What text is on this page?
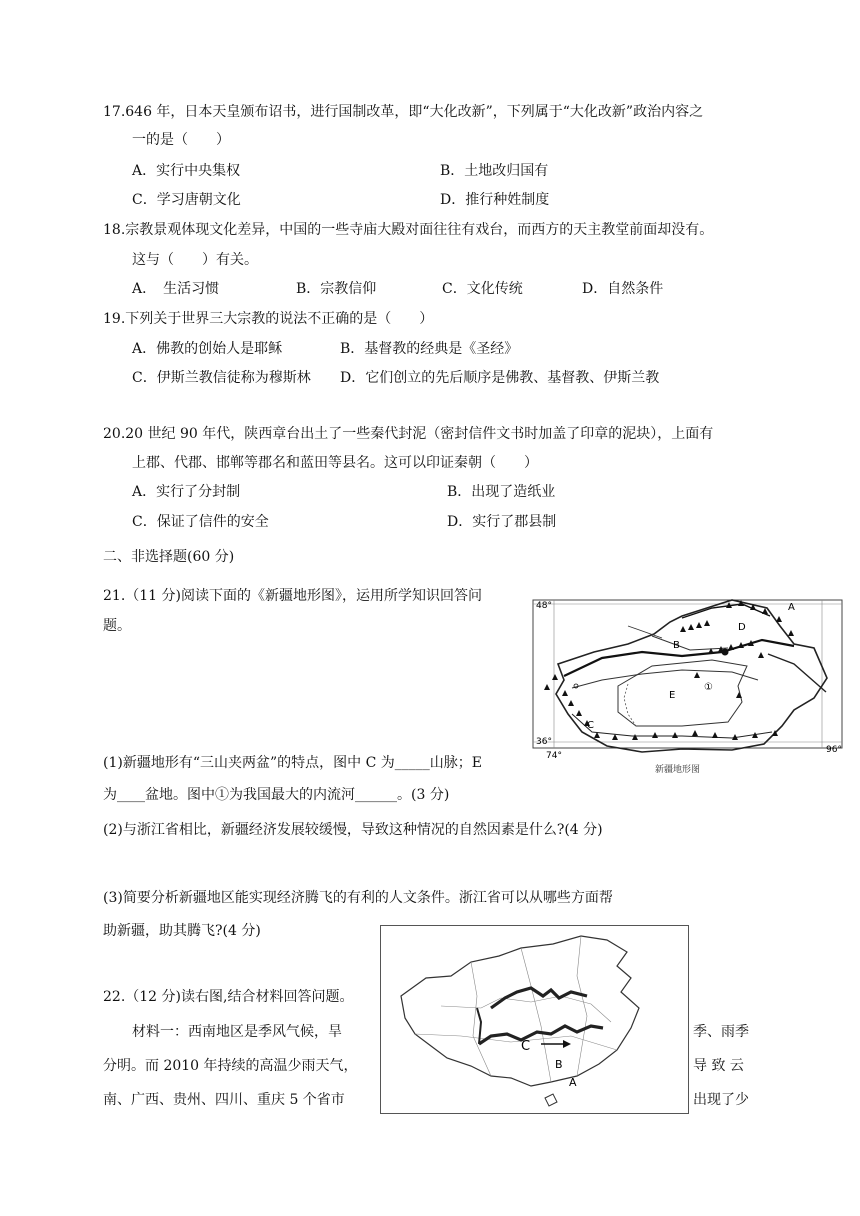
17.646 年，日本天皇颁布诏书，进行国制改革，即“大化改新”，下列属于“大化改新”政治内容之
一的是（　　）
A．实行中央集权	B．土地改归国有
C．学习唐朝文化	D．推行种姓制度
18.宗教景观体现文化差异，中国的一些寺庙大殿对面往往有戏台，而西方的天主教堂前面却没有。
这与（　　）有关。
A．　生活习惯	B．宗教信仰	C．文化传统	D．自然条件
19.下列关于世界三大宗教的说法不正确的是（　　）
A．佛教的创始人是耶稣	B．基督教的经典是《圣经》
C．伊斯兰教信徒称为穆斯林 D．它们创立的先后顺序是佛教、基督教、伊斯兰教
20.20 世纪 90 年代，陕西章台出土了一些秦代封泥（密封信件文书时加盖了印章的泥块），上面有
上郡、代郡、邯郸等郡名和蓝田等县名。这可以印证秦朝（　　）
A．实行了分封制	B．出现了造纸业
C．保证了信件的安全	D．实行了郡县制
二、非选择题(60 分)
21.（11 分)阅读下面的《新疆地形图》，运用所学知识回答问
题。
48°
36°
74°
96°
A
B
C
D
E
①
新疆地形图
(1)新疆地形有“三山夹两盆”的特点，图中 C 为_____山脉；E
为____盆地。图中①为我国最大的内流河______。(3 分)
(2)与浙江省相比，新疆经济发展较缓慢，导致这种情况的自然因素是什么?(4 分)
(3)简要分析新疆地区能实现经济腾飞的有利的人文条件。浙江省可以从哪些方面帮
助新疆，助其腾飞?(4 分)
C
B
A
22.（12 分)读右图,结合材料回答问题。
材料一：西南地区是季风气候，旱	季、雨季
分明。而 2010 年持续的高温少雨天气，	导 致 云
南、广西、贵州、四川、重庆 5 个省市	出现了少
